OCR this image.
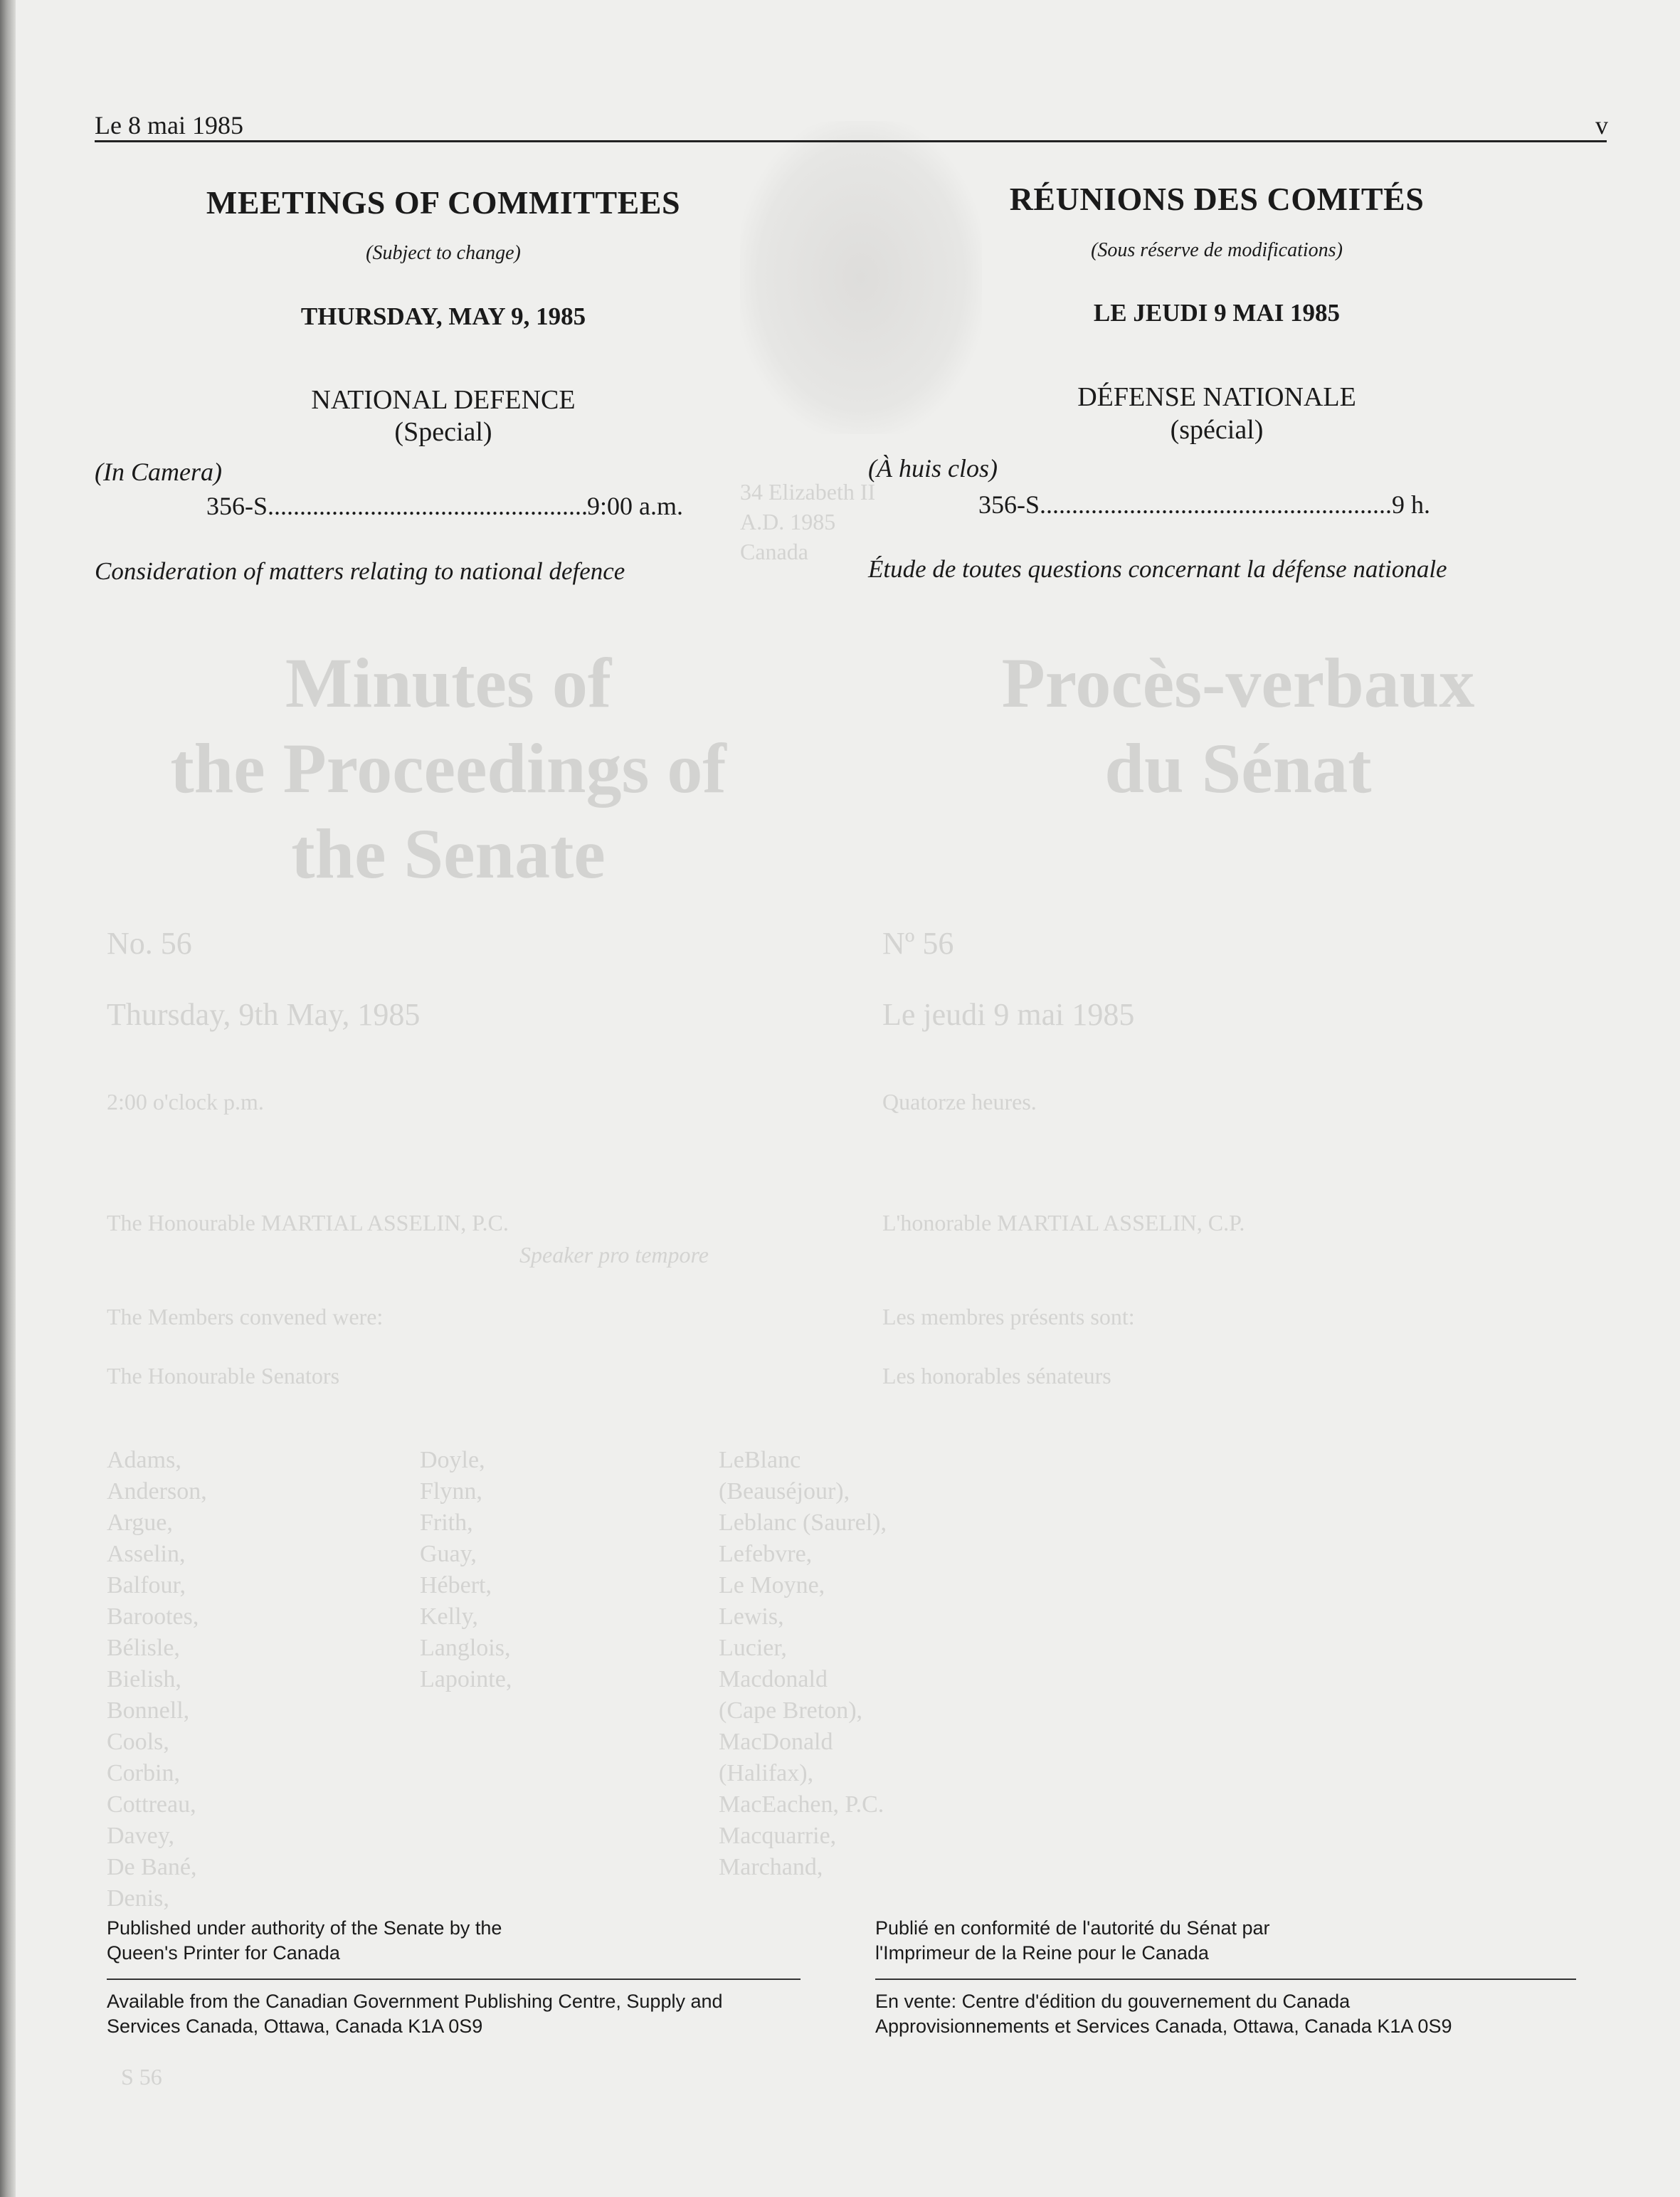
34 Elizabeth II
A.D. 1985
Canada
Minutes of
the Proceedings of
the Senate
Procès-verbaux
du Sénat
No. 56	Nº 56
Thursday, 9th May, 1985	Le jeudi 9 mai 1985
2:00 o'clock p.m.	Quatorze heures.
The Honourable MARTIAL ASSELIN, P.C.
Speaker pro tempore
L'honorable MARTIAL ASSELIN, C.P.
The Members convened were:	Les membres présents sont:
The Honourable Senators	Les honorables sénateurs
Adams,
Anderson,
Argue,
Asselin,
Balfour,
Barootes,
Bélisle,
Bielish,
Bonnell,
Cools,
Corbin,
Cottreau,
Davey,
De Bané,
Denis,
Doyle,
Flynn,
Frith,
Guay,
Hébert,
Kelly,
Langlois,
Lapointe,
LeBlanc
(Beauséjour),
Leblanc (Saurel),
Lefebvre,
Le Moyne,
Lewis,
Lucier,
Macdonald
(Cape Breton),
MacDonald
(Halifax),
MacEachen, P.C.
Macquarrie,
Marchand,
S 56
Le 8 mai 1985	v
MEETINGS OF COMMITTEES
(Subject to change)
THURSDAY, MAY 9, 1985
NATIONAL DEFENCE
(Special)
(In Camera)
356-S .....	9:00 a.m.
Consideration of matters relating to national defence
RÉUNIONS DES COMITÉS
(Sous réserve de modifications)
LE JEUDI 9 MAI 1985
DÉFENSE NATIONALE
(spécial)
(À huis clos)
356-S .....	9 h.
Étude de toutes questions concernant la défense nationale
Published under authority of the Senate by the
Queen's Printer for Canada
Available from the Canadian Government Publishing Centre, Supply and
Services Canada, Ottawa, Canada K1A 0S9
Publié en conformité de l'autorité du Sénat par
l'Imprimeur de la Reine pour le Canada
En vente: Centre d'édition du gouvernement du Canada
Approvisionnements et Services Canada, Ottawa, Canada K1A 0S9
